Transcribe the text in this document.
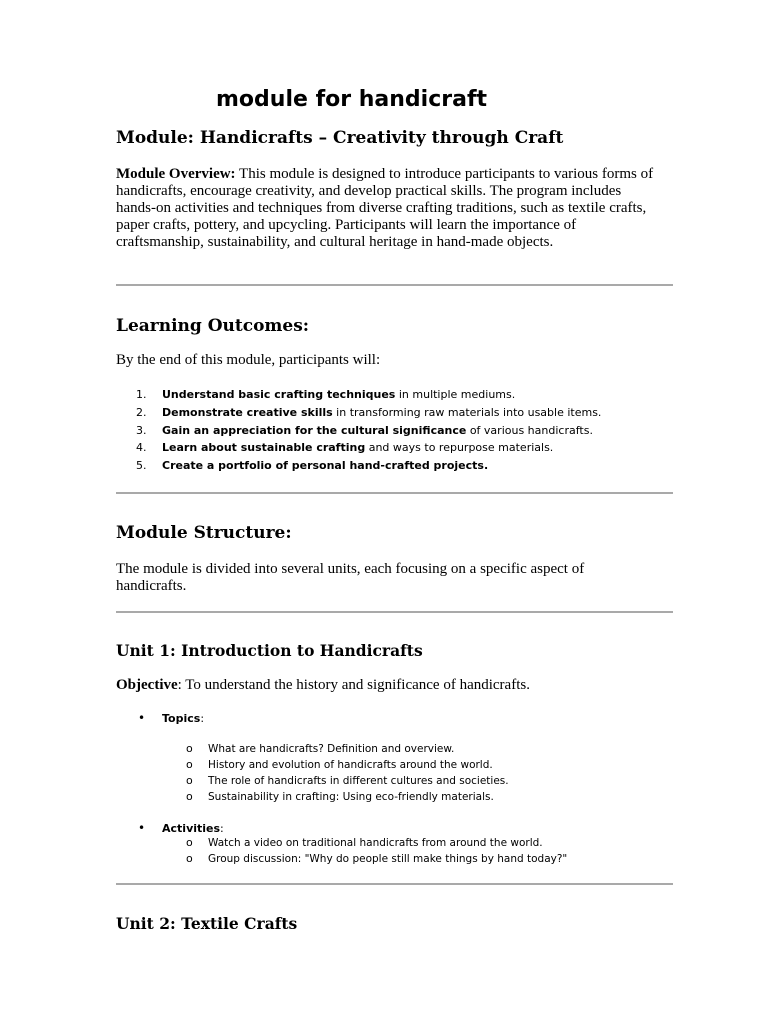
module for handicraft
Module: Handicrafts – Creativity through Craft

Module Overview: This module is designed to introduce participants to various forms of handicrafts, encourage creativity, and develop practical skills. The program includes hands-on activities and techniques from diverse crafting traditions, such as textile crafts, paper crafts, pottery, and upcycling. Participants will learn the importance of craftsmanship, sustainability, and cultural heritage in hand-made objects.

Learning Outcomes:

By the end of this module, participants will:

1. Understand basic crafting techniques in multiple mediums.
2. Demonstrate creative skills in transforming raw materials into usable items.
3. Gain an appreciation for the cultural significance of various handicrafts.
4. Learn about sustainable crafting and ways to repurpose materials.
5. Create a portfolio of personal hand-crafted projects.
Module Structure:

The module is divided into several units, each focusing on a specific aspect of handicrafts.

Unit 1: Introduction to Handicrafts

Objective: To understand the history and significance of handicrafts.

• Topics:
o What are handicrafts? Definition and overview.
o History and evolution of handicrafts around the world.
o The role of handicrafts in different cultures and societies.
o Sustainability in crafting: Using eco-friendly materials.
• Activities:
o Watch a video on traditional handicrafts from around the world.
o Group discussion: "Why do people still make things by hand today?"
Unit 2: Textile Crafts
